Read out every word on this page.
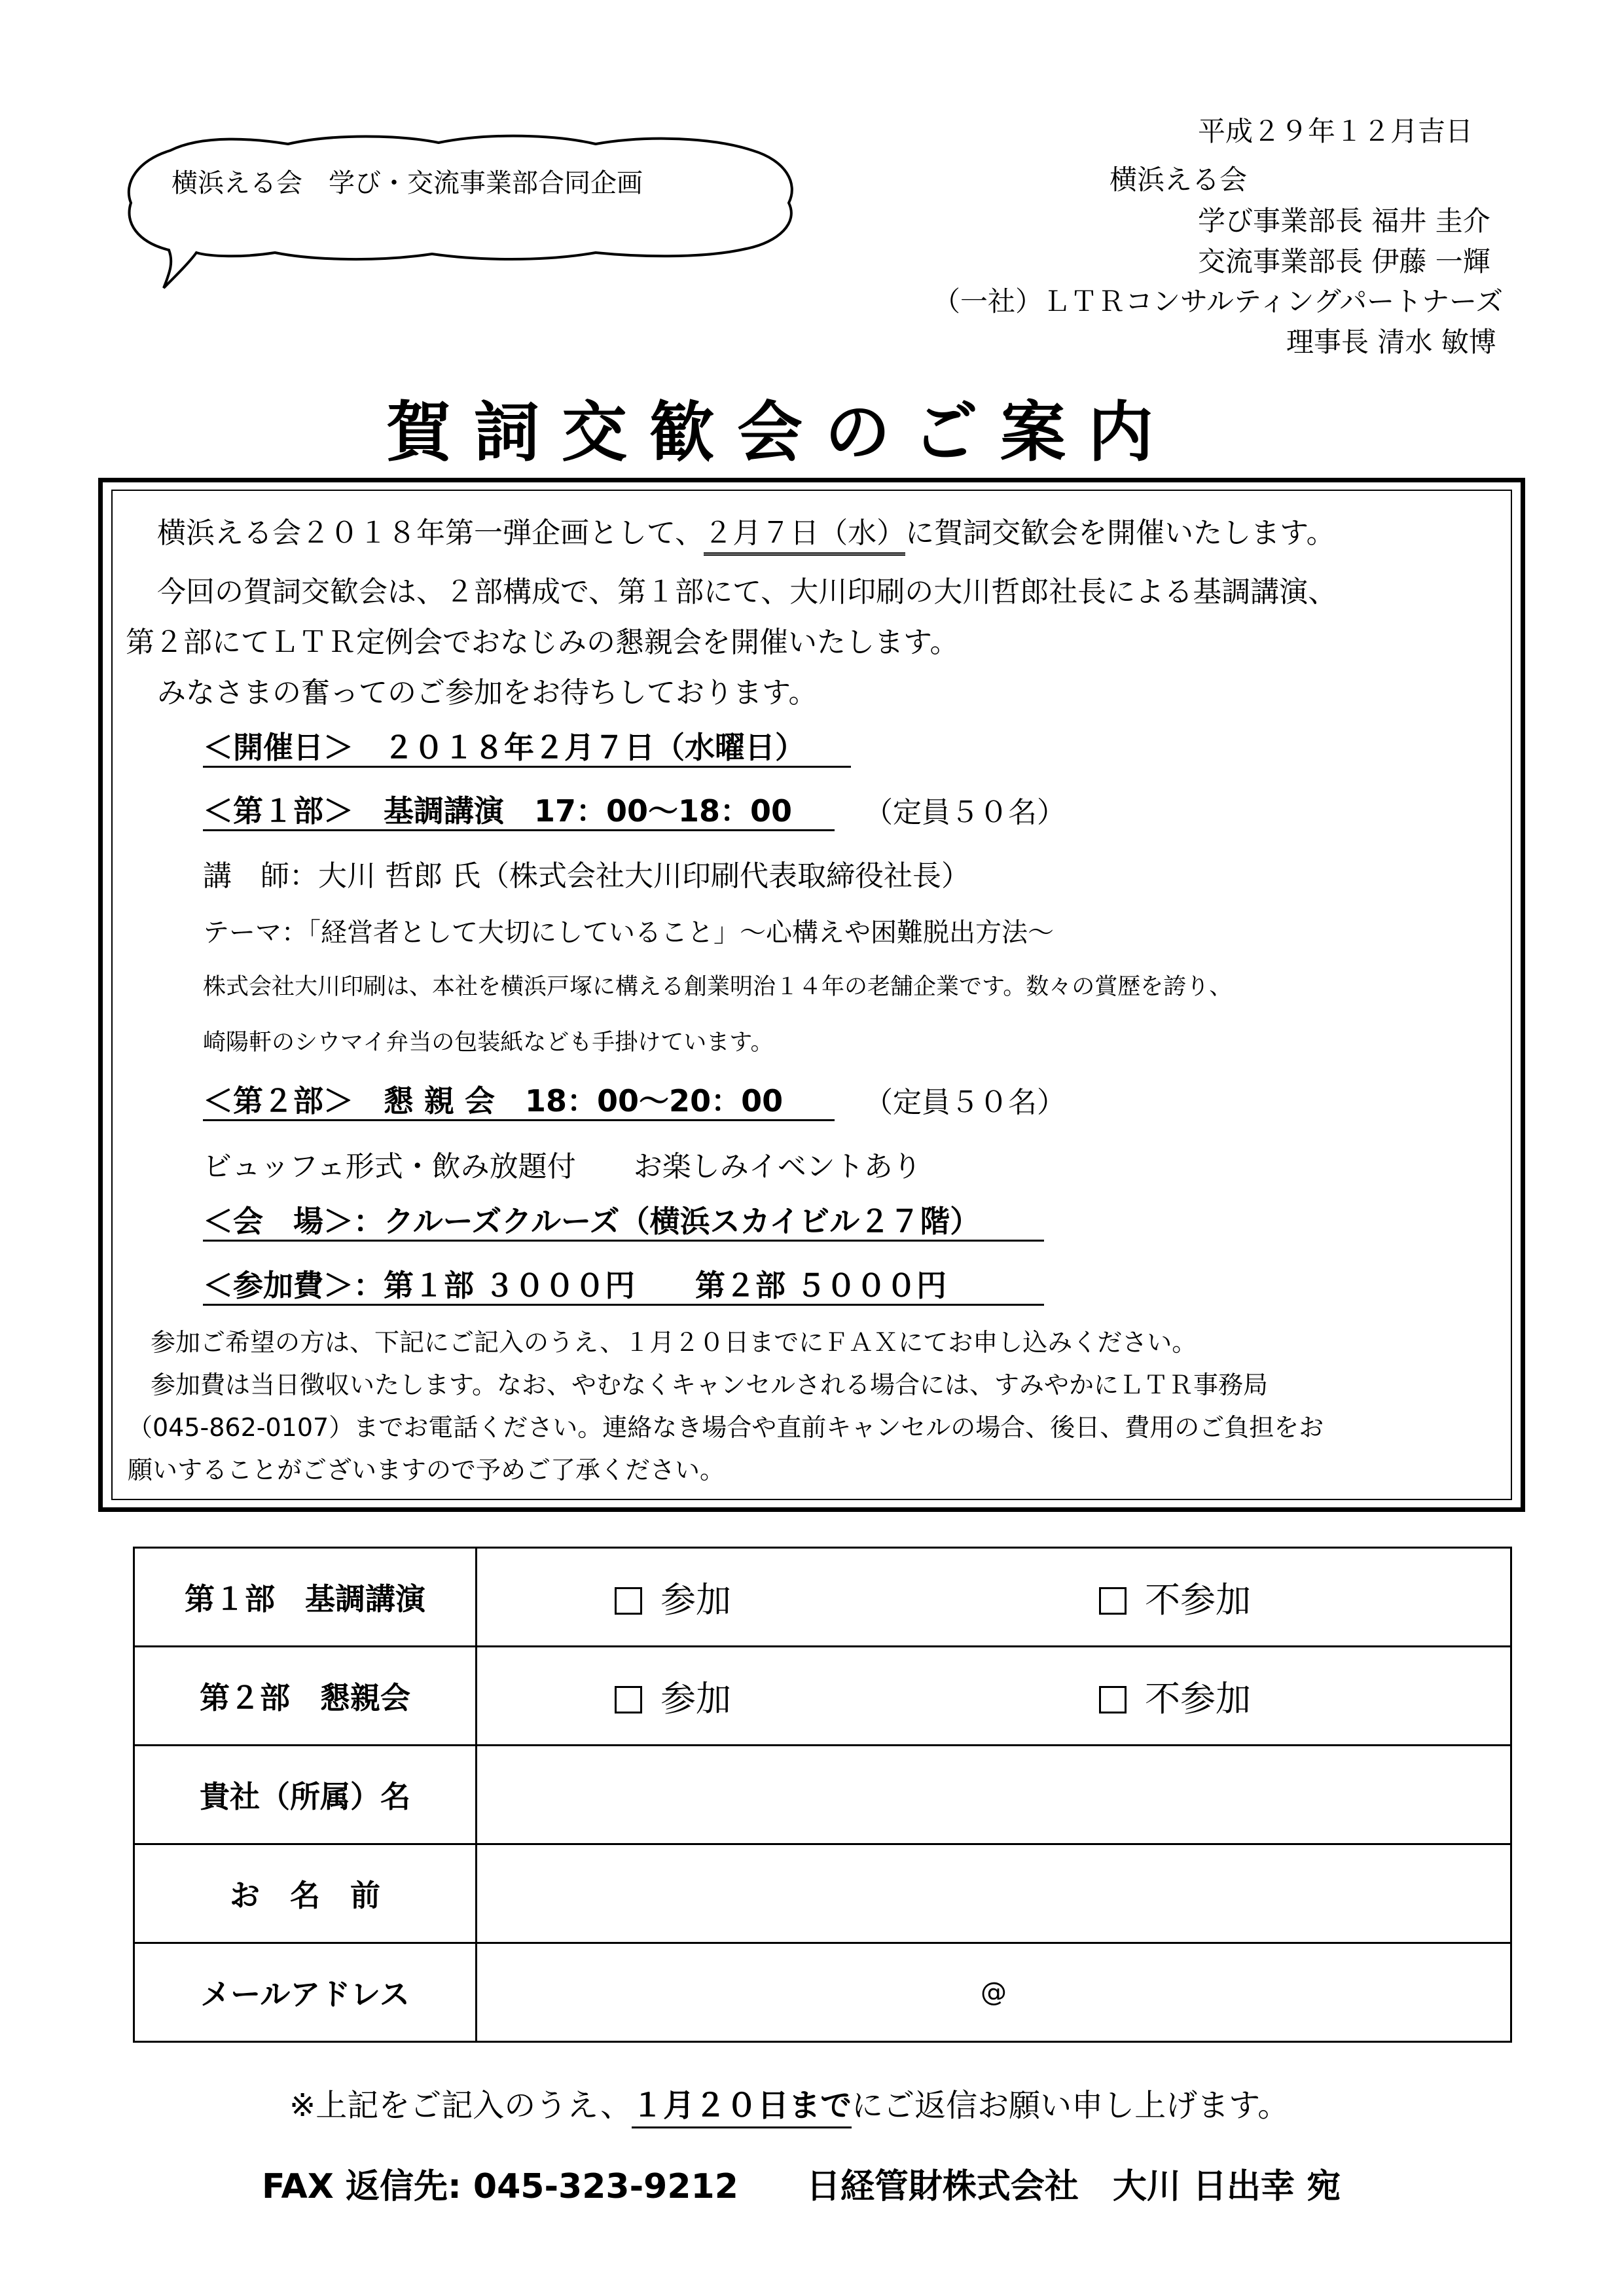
横浜える会　学び・交流事業部合同企画
平成２９年１２月吉日
横浜える会
学び事業部長 福井 圭介
交流事業部長 伊藤 一輝
（一社）ＬＴＲコンサルティングパートナーズ
理事長 清水 敏博
賀詞交歓会のご案内
横浜える会２０１８年第一弾企画として、２月７日（水）に賀詞交歓会を開催いたします。
今回の賀詞交歓会は、２部構成で、第１部にて、大川印刷の大川哲郎社長による基調講演、
第２部にてＬＴＲ定例会でおなじみの懇親会を開催いたします。
みなさまの奮ってのご参加をお待ちしております。
＜開催日＞　２０１８年２月７日（水曜日）
＜第１部＞　基調講演　17：00～18：00 （定員５０名）
講　師：大川 哲郎 氏（株式会社大川印刷代表取締役社長）
テーマ：「経営者として大切にしていること」～心構えや困難脱出方法～
株式会社大川印刷は、本社を横浜戸塚に構える創業明治１４年の老舗企業です。数々の賞歴を誇り、
崎陽軒のシウマイ弁当の包装紙なども手掛けています。
＜第２部＞　懇 親 会　18：00～20：00	（定員５０名）
ビュッフェ形式・飲み放題付　　お楽しみイベントあり
＜会　場＞：クルーズクルーズ（横浜スカイビル２７階）
＜参加費＞：第１部 ３０００円　　第２部 ５０００円
参加ご希望の方は、下記にご記入のうえ、１月２０日までにＦＡＸにてお申し込みください。
参加費は当日徴収いたします。なお、やむなくキャンセルされる場合には、すみやかにＬＴＲ事務局
（045-862-0107）までお電話ください。連絡なき場合や直前キャンセルの場合、後日、費用のご負担をお
願いすることがございますので予めご了承ください。
第１部　基調講演	参加 不参加

第２部　懇親会	参加 不参加

貴社（所属）名	
お　名　前	
メールアドレス	@
※上記をご記入のうえ、１月２０日までにご返信お願い申し上げます。
FAX 返信先: 045-323-9212　　日経管財株式会社　大川 日出幸 宛
